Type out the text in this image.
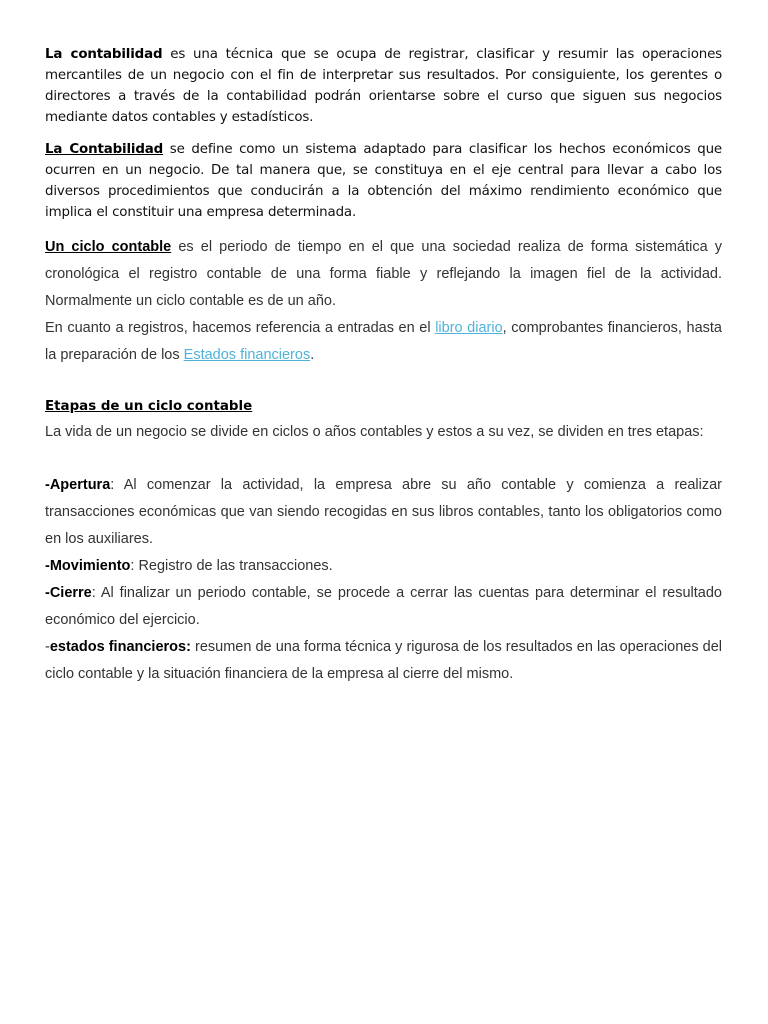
La contabilidad es una técnica que se ocupa de registrar, clasificar y resumir las operaciones mercantiles de un negocio con el fin de interpretar sus resultados. Por consiguiente, los gerentes o directores a través de la contabilidad podrán orientarse sobre el curso que siguen sus negocios mediante datos contables y estadísticos.

La Contabilidad se define como un sistema adaptado para clasificar los hechos económicos que ocurren en un negocio. De tal manera que, se constituya en el eje central para llevar a cabo los diversos procedimientos que conducirán a la obtención del máximo rendimiento económico que implica el constituir una empresa determinada.

Un ciclo contable es el periodo de tiempo en el que una sociedad realiza de forma sistemática y cronológica el registro contable de una forma fiable y reflejando la imagen fiel de la actividad. Normalmente un ciclo contable es de un año.

En cuanto a registros, hacemos referencia a entradas en el libro diario, comprobantes financieros, hasta la preparación de los Estados financieros.

Etapas de un ciclo contable

La vida de un negocio se divide en ciclos o años contables y estos a su vez, se dividen en tres etapas:

-Apertura: Al comenzar la actividad, la empresa abre su año contable y comienza a realizar transacciones económicas que van siendo recogidas en sus libros contables, tanto los obligatorios como en los auxiliares.

-Movimiento: Registro de las transacciones.

-Cierre: Al finalizar un periodo contable, se procede a cerrar las cuentas para determinar el resultado económico del ejercicio.

-estados financieros: resumen de una forma técnica y rigurosa de los resultados en las operaciones del ciclo contable y la situación financiera de la empresa al cierre del mismo.
